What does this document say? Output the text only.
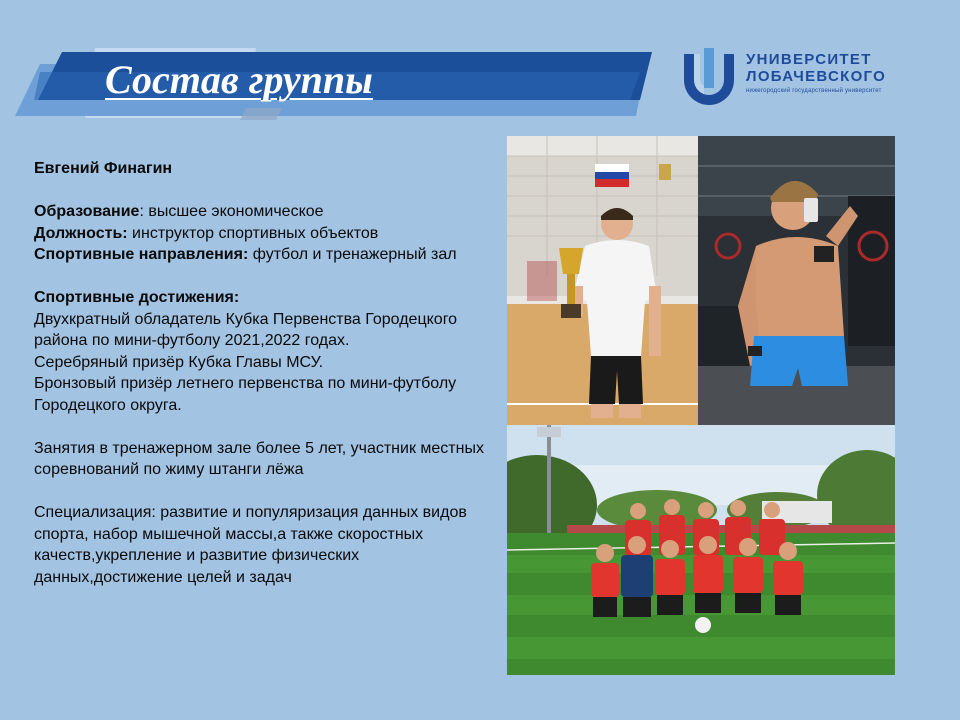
Состав группы	УНИВЕРСИТЕТ
ЛОБАЧЕВСКОГО
нижегородский государственный университет

Евгений Финагин

Образование: высшее экономическое

Должность: инструктор спортивных объектов

Спортивные направления: футбол и тренажерный зал

Спортивные достижения:

Двухкратный обладатель Кубка Первенства Городецкого района по мини-футболу 2021,2022 годах.

Серебряный призёр Кубка Главы МСУ.

Бронзовый призёр летнего первенства по мини-футболу Городецкого округа.

Занятия в тренажерном зале более 5 лет, участник местных соревнований по жиму штанги лёжа

Специализация: развитие и популяризация данных видов спорта, набор мышечной массы,а также скоростных качеств,укрепление и развитие физических данных,достижение целей и задач
